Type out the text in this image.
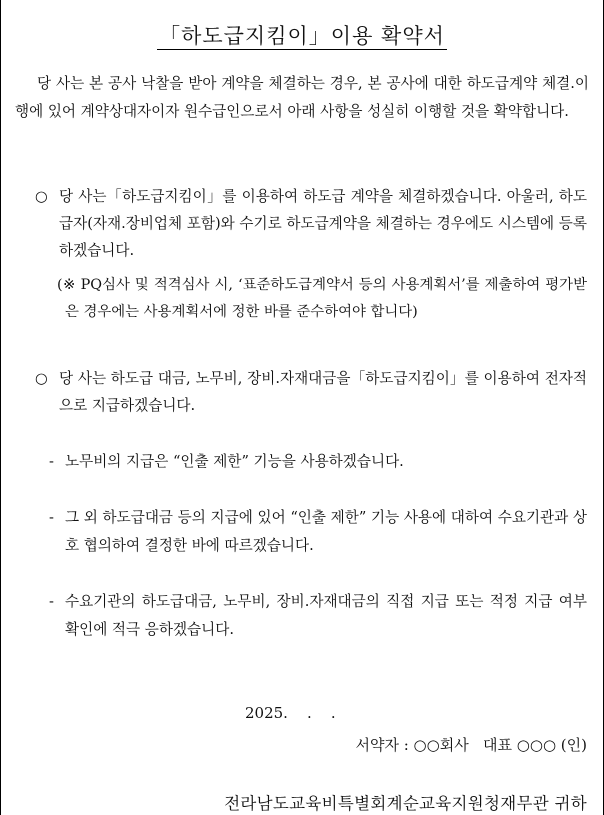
「하도급지킴이」이용 확약서

당 사는 본 공사 낙찰을 받아 계약을 체결하는 경우, 본 공사에 대한 하도급계약 체결.이행에 있어 계약상대자이자 원수급인으로서 아래 사항을 성실히 이행할 것을 확약합니다.

○ 당 사는「하도급지킴이」를 이용하여 하도급 계약을 체결하겠습니다. 아울러, 하도급자(자재.장비업체 포함)와 수기로 하도급계약을 체결하는 경우에도 시스템에 등록하겠습니다.

(※ PQ심사 및 적격심사 시, ‘표준하도급계약서 등의 사용계획서’를 제출하여 평가받은 경우에는 사용계획서에 정한 바를 준수하여야 합니다)

○ 당 사는 하도급 대금, 노무비, 장비.자재대금을「하도급지킴이」를 이용하여 전자적으로 지급하겠습니다.
- 노무비의 지급은 “인출 제한” 기능을 사용하겠습니다.
- 그 외 하도급대금 등의 지급에 있어 “인출 제한” 기능 사용에 대하여 수요기관과 상호 협의하여 결정한 바에 따르겠습니다.
- 수요기관의 하도급대금, 노무비, 장비.자재대금의 직접 지급 또는 적정 지급 여부 확인에 적극 응하겠습니다.
2025.    .    .
서약자 : ○○회사   대표 ○○○ (인)
전라남도교육비특별회계순교육지원청재무관 귀하
